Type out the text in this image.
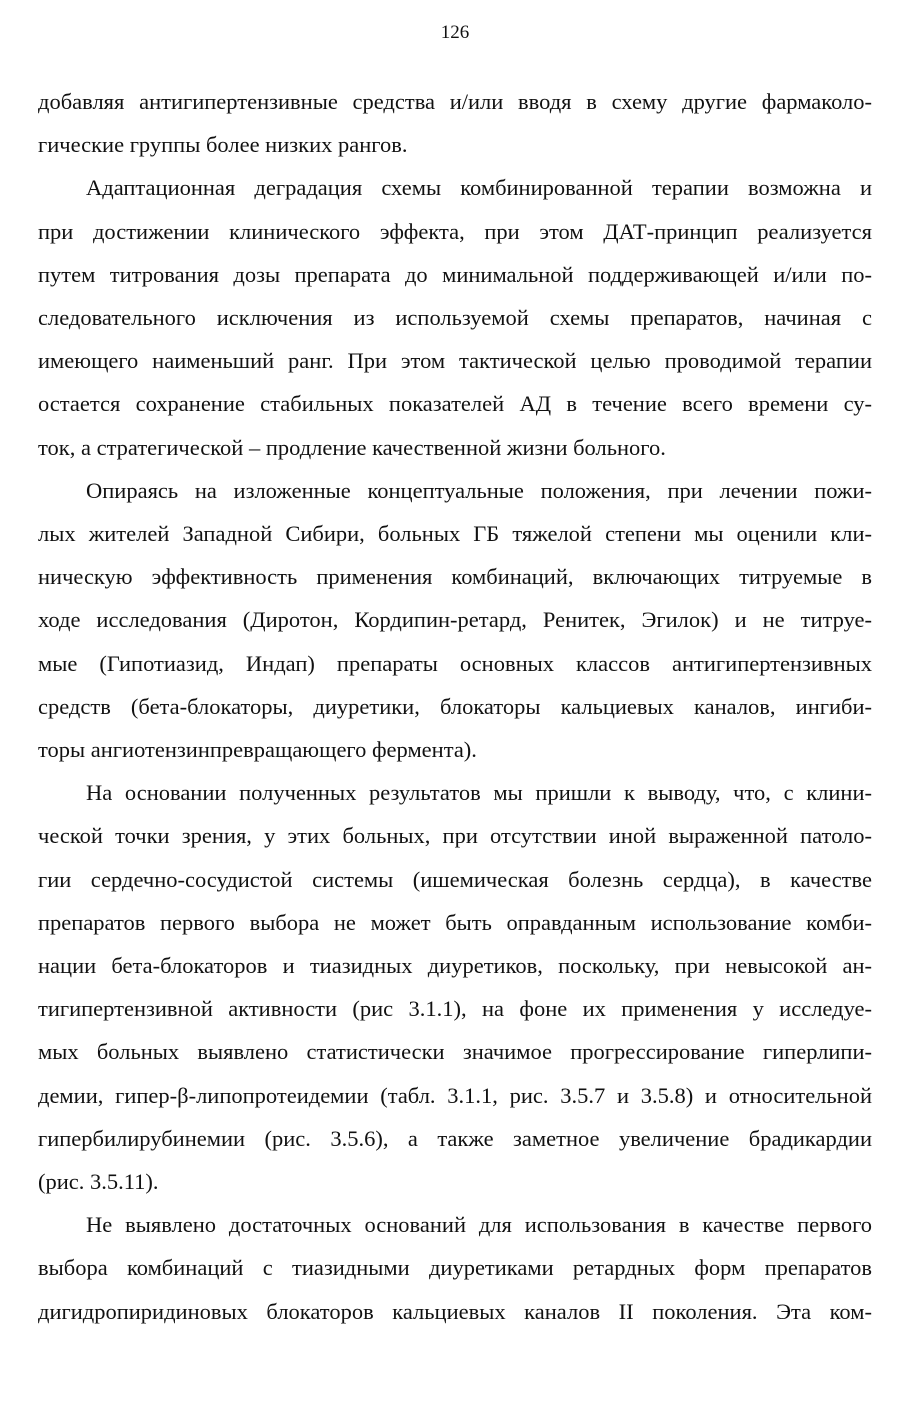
126

добавляя антигипертензивные средства и/или вводя в схему другие фармаколо-
гические группы более низких рангов.

Адаптационная деградация схемы комбинированной терапии возможна и
при достижении клинического эффекта, при этом ДАТ-принцип реализуется
путем титрования дозы препарата до минимальной поддерживающей и/или по-
следовательного исключения из используемой схемы препаратов, начиная с
имеющего наименьший ранг. При этом тактической целью проводимой терапии
остается сохранение стабильных показателей АД в течение всего времени су-
ток, а стратегической – продление качественной жизни больного.

Опираясь на изложенные концептуальные положения, при лечении пожи-
лых жителей Западной Сибири, больных ГБ тяжелой степени мы оценили кли-
ническую эффективность применения комбинаций, включающих титруемые в
ходе исследования (Диротон, Кордипин-ретард, Ренитек, Эгилок) и не титруе-
мые (Гипотиазид, Индап) препараты основных классов антигипертензивных
средств (бета-блокаторы, диуретики, блокаторы кальциевых каналов, ингиби-
торы ангиотензинпревращающего фермента).

На основании полученных результатов мы пришли к выводу, что, с клини-
ческой точки зрения, у этих больных, при отсутствии иной выраженной патоло-
гии сердечно-сосудистой системы (ишемическая болезнь сердца), в качестве
препаратов первого выбора не может быть оправданным использование комби-
нации бета-блокаторов и тиазидных диуретиков, поскольку, при невысокой ан-
тигипертензивной активности (рис 3.1.1), на фоне их применения у исследуе-
мых больных выявлено статистически значимое прогрессирование гиперлипи-
демии, гипер-β-липопротеидемии (табл. 3.1.1, рис. 3.5.7 и 3.5.8) и относительной
гипербилирубинемии (рис. 3.5.6), а также заметное увеличение брадикардии
(рис. 3.5.11).

Не выявлено достаточных оснований для использования в качестве первого
выбора комбинаций с тиазидными диуретиками ретардных форм препаратов
дигидропиридиновых блокаторов кальциевых каналов II поколения. Эта ком-
